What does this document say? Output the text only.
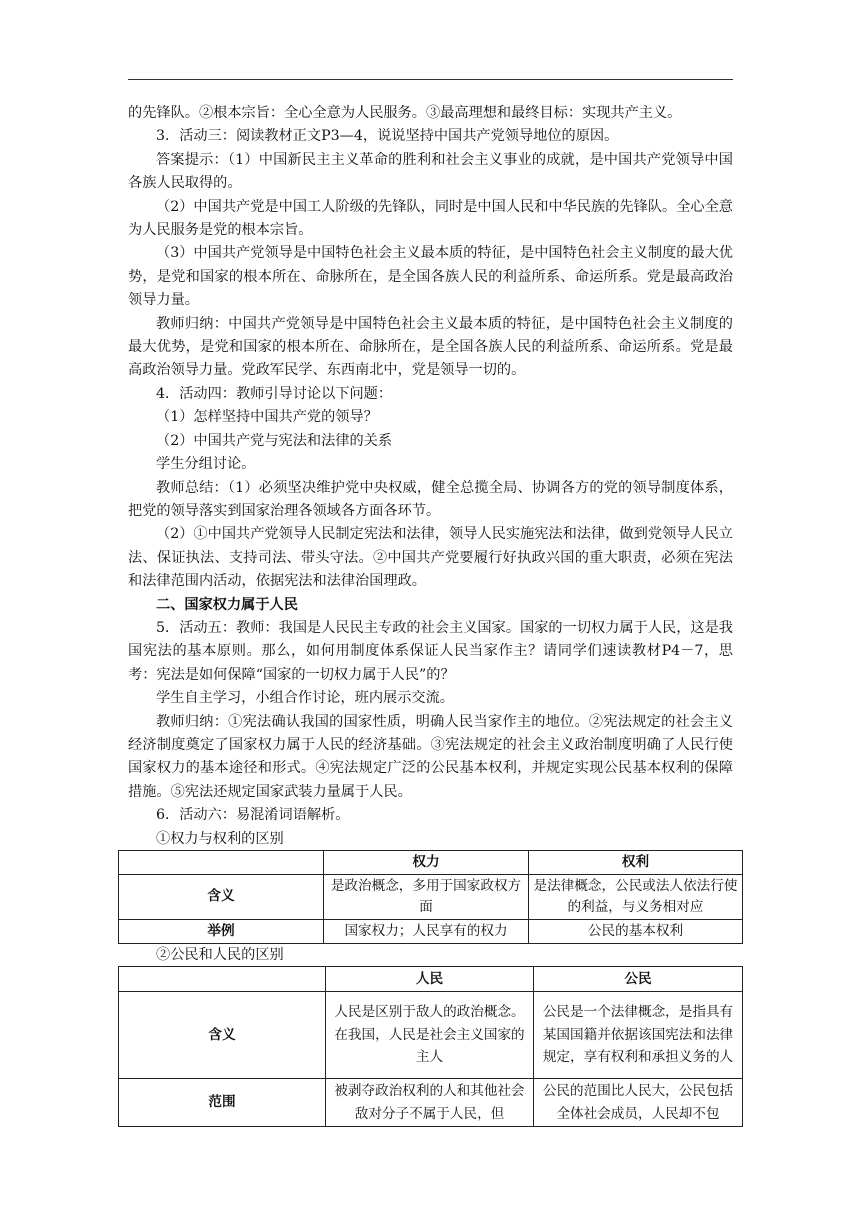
的先锋队。②根本宗旨：全心全意为人民服务。③最高理想和最终目标：实现共产主义。

3．活动三：阅读教材正文P3—4，说说坚持中国共产党领导地位的原因。

答案提示：（1）中国新民主主义革命的胜利和社会主义事业的成就，是中国共产党领导中国各族人民取得的。

（2）中国共产党是中国工人阶级的先锋队，同时是中国人民和中华民族的先锋队。全心全意为人民服务是党的根本宗旨。

（3）中国共产党领导是中国特色社会主义最本质的特征，是中国特色社会主义制度的最大优势，是党和国家的根本所在、命脉所在，是全国各族人民的利益所系、命运所系。党是最高政治领导力量。

教师归纳：中国共产党领导是中国特色社会主义最本质的特征，是中国特色社会主义制度的最大优势，是党和国家的根本所在、命脉所在，是全国各族人民的利益所系、命运所系。党是最高政治领导力量。党政军民学、东西南北中，党是领导一切的。

4．活动四：教师引导讨论以下问题：

（1）怎样坚持中国共产党的领导？

（2）中国共产党与宪法和法律的关系

学生分组讨论。

教师总结：（1）必须坚决维护党中央权威，健全总揽全局、协调各方的党的领导制度体系，把党的领导落实到国家治理各领域各方面各环节。

（2）①中国共产党领导人民制定宪法和法律，领导人民实施宪法和法律，做到党领导人民立法、保证执法、支持司法、带头守法。②中国共产党要履行好执政兴国的重大职责，必须在宪法和法律范围内活动，依据宪法和法律治国理政。

二、国家权力属于人民

5．活动五：教师：我国是人民民主专政的社会主义国家。国家的一切权力属于人民，这是我国宪法的基本原则。那么，如何用制度体系保证人民当家作主？请同学们速读教材P4－7，思考：宪法是如何保障“国家的一切权力属于人民”的？

学生自主学习，小组合作讨论，班内展示交流。

教师归纳：①宪法确认我国的国家性质，明确人民当家作主的地位。②宪法规定的社会主义经济制度奠定了国家权力属于人民的经济基础。③宪法规定的社会主义政治制度明确了人民行使国家权力的基本途径和形式。④宪法规定广泛的公民基本权利，并规定实现公民基本权利的保障措施。⑤宪法还规定国家武装力量属于人民。

6．活动六：易混淆词语解析。

①权力与权利的区别

	权力	权利
含义	是政治概念，多用于国家政权方面	是法律概念，公民或法人依法行使的利益，与义务相对应
举例	国家权力；人民享有的权力	公民的基本权利

②公民和人民的区别

	人民	公民
含义	人民是区别于敌人的政治概念。在我国，人民是社会主义国家的主人	公民是一个法律概念，是指具有某国国籍并依据该国宪法和法律规定，享有权利和承担义务的人
范围	被剥夺政治权利的人和其他社会敌对分子不属于人民，但	公民的范围比人民大，公民包括全体社会成员，人民却不包
